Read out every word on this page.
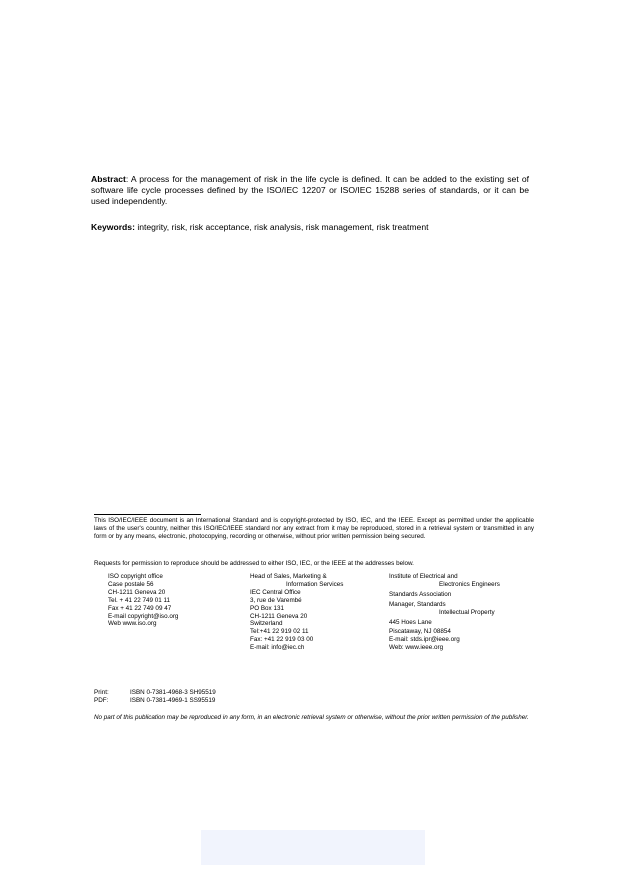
Abstract: A process for the management of risk in the life cycle is defined. It can be added to the existing set of software life cycle processes defined by the ISO/IEC 12207 or ISO/IEC 15288 series of standards, or it can be used independently.

Keywords: integrity, risk, risk acceptance, risk analysis, risk management, risk treatment

This ISO/IEC/IEEE document is an International Standard and is copyright-protected by ISO, IEC, and the IEEE. Except as permitted under the applicable laws of the user's country, neither this ISO/IEC/IEEE standard nor any extract from it may be reproduced, stored in a retrieval system or transmitted in any form or by any means, electronic, photocopying, recording or otherwise, without prior written permission being secured.

Requests for permission to reproduce should be addressed to either ISO, IEC, or the IEEE at the addresses below.

ISO copyright office
Case postale 56
CH-1211 Geneva 20
Tel. + 41 22 749 01 11
Fax + 41 22 749 09 47
E-mail copyright@iso.org
Web www.iso.org
Head of Sales, Marketing &
Information Services
IEC Central Office
3, rue de Varembé
PO Box 131
CH-1211 Geneva 20
Switzerland
Tel:+41 22 919 02 11
Fax: +41 22 919 03 00
E-mail: info@iec.ch
Institute of Electrical and
Electronics Engineers
Standards Association
Manager, Standards
Intellectual Property
445 Hoes Lane
Piscataway, NJ 08854
E-mail: stds.ipr@ieee.org
Web: www.ieee.org
Print:	ISBN 0-7381-4968-3 SH95519
PDF:	ISBN 0-7381-4969-1 SS95519

No part of this publication may be reproduced in any form, in an electronic retrieval system or otherwise, without the prior written permission of the publisher.
